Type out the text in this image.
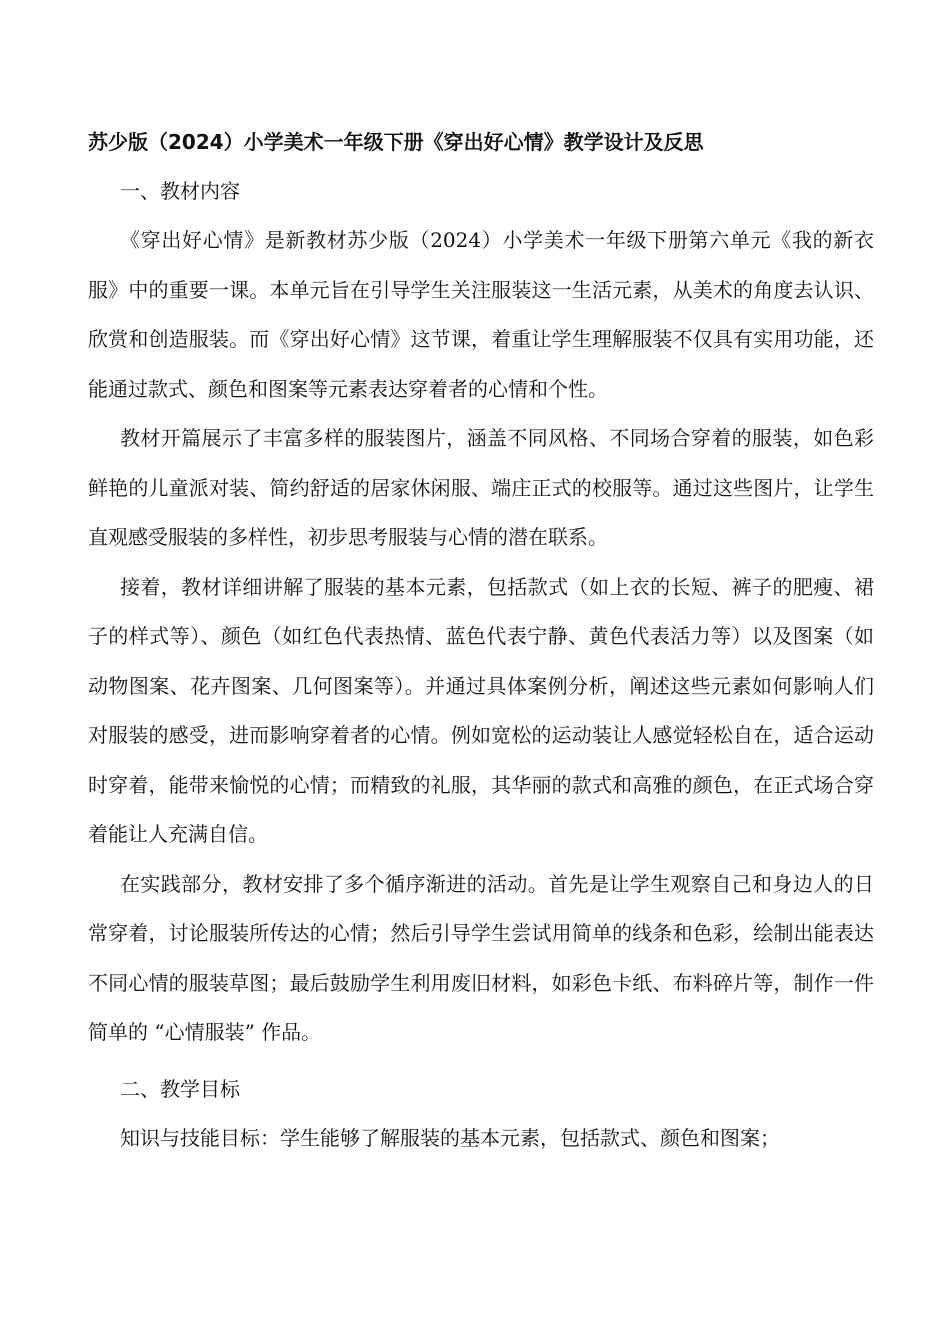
苏少版（2024）小学美术一年级下册《穿出好心情》教学设计及反思
一、教材内容

《穿出好心情》是新教材苏少版（2024）小学美术一年级下册第六单元《我的新衣服》中的重要一课。本单元旨在引导学生关注服装这一生活元素，从美术的角度去认识、欣赏和创造服装。而《穿出好心情》这节课，着重让学生理解服装不仅具有实用功能，还能通过款式、颜色和图案等元素表达穿着者的心情和个性。

教材开篇展示了丰富多样的服装图片，涵盖不同风格、不同场合穿着的服装，如色彩鲜艳的儿童派对装、简约舒适的居家休闲服、端庄正式的校服等。通过这些图片，让学生直观感受服装的多样性，初步思考服装与心情的潜在联系。

接着，教材详细讲解了服装的基本元素，包括款式（如上衣的长短、裤子的肥瘦、裙子的样式等）、颜色（如红色代表热情、蓝色代表宁静、黄色代表活力等）以及图案（如动物图案、花卉图案、几何图案等）。并通过具体案例分析，阐述这些元素如何影响人们对服装的感受，进而影响穿着者的心情。例如宽松的运动装让人感觉轻松自在，适合运动时穿着，能带来愉悦的心情；而精致的礼服，其华丽的款式和高雅的颜色，在正式场合穿着能让人充满自信。

在实践部分，教材安排了多个循序渐进的活动。首先是让学生观察自己和身边人的日常穿着，讨论服装所传达的心情；然后引导学生尝试用简单的线条和色彩，绘制出能表达不同心情的服装草图；最后鼓励学生利用废旧材料，如彩色卡纸、布料碎片等，制作一件简单的 “心情服装” 作品。

二、教学目标

知识与技能目标：学生能够了解服装的基本元素，包括款式、颜色和图案；
